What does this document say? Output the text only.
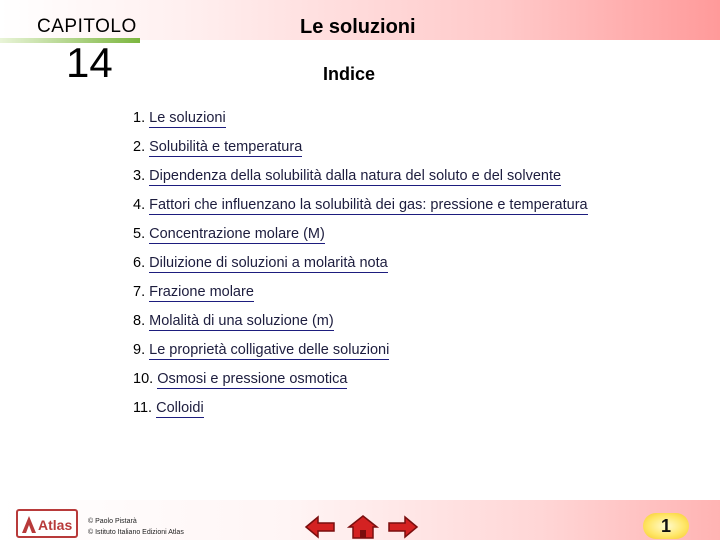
CAPITOLO
14
Le soluzioni
Indice
1. Le soluzioni
2. Solubilità e temperatura
3. Dipendenza della solubilità dalla natura del soluto e del solvente
4. Fattori che influenzano la solubilità dei gas: pressione e temperatura
5. Concentrazione molare (M)
6. Diluizione di soluzioni a molarità nota
7. Frazione molare
8. Molalità di una soluzione (m)
9. Le proprietà colligative delle soluzioni
10. Osmosi e pressione osmotica
11. Colloidi
Atlas © Paolo Pistarà
© Istituto Italiano Edizioni Atlas	1
